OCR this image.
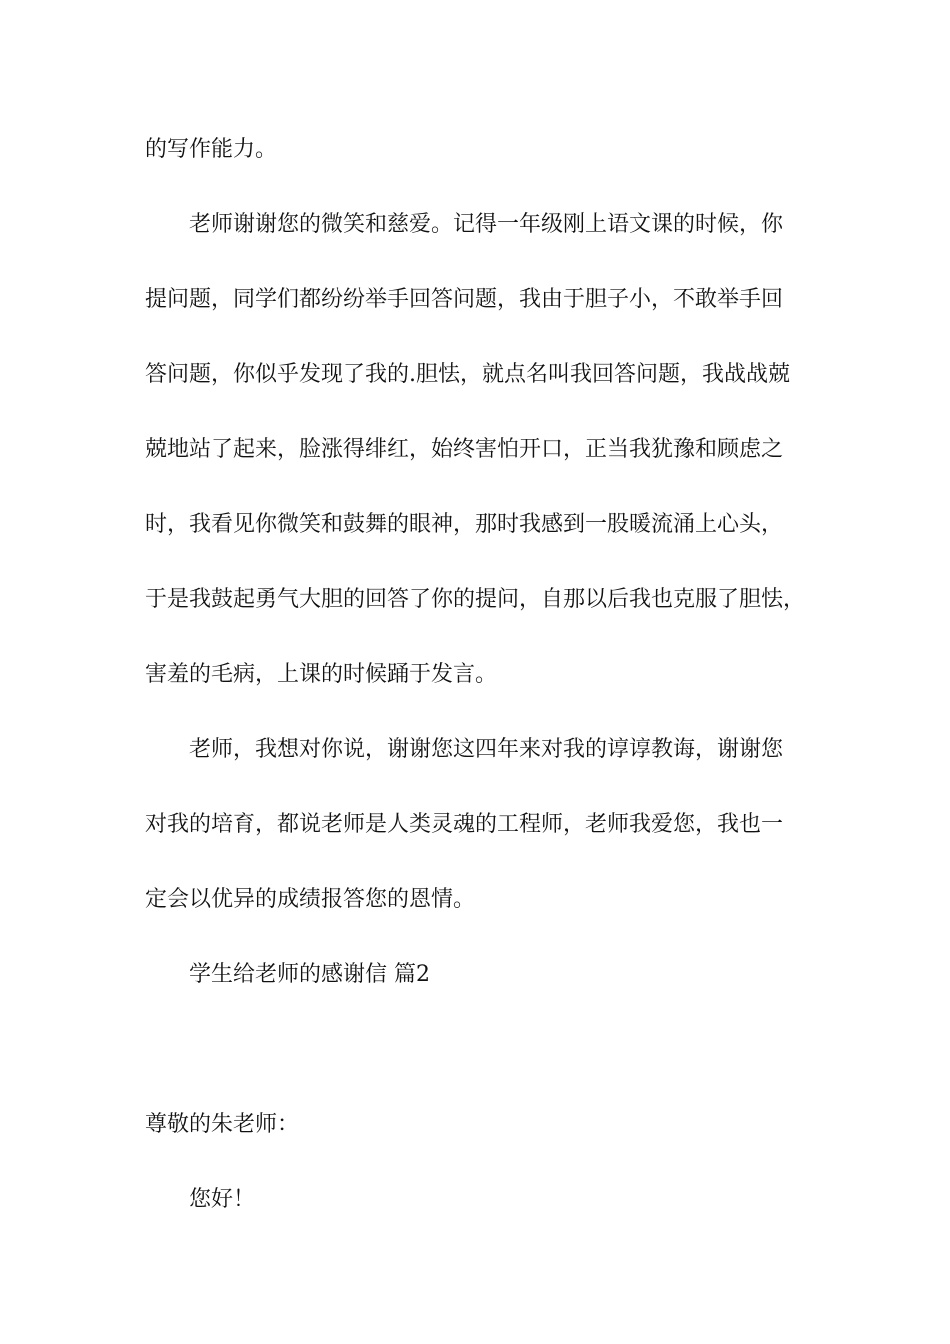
的写作能力。
老师谢谢您的微笑和慈爱。记得一年级刚上语文课的时候，你
提问题，同学们都纷纷举手回答问题，我由于胆子小，不敢举手回
答问题，你似乎发现了我的.胆怯，就点名叫我回答问题，我战战兢
兢地站了起来，脸涨得绯红，始终害怕开口，正当我犹豫和顾虑之
时，我看见你微笑和鼓舞的眼神，那时我感到一股暖流涌上心头，
于是我鼓起勇气大胆的回答了你的提问，自那以后我也克服了胆怯，
害羞的毛病，上课的时候踊于发言。
老师，我想对你说，谢谢您这四年来对我的谆谆教诲，谢谢您
对我的培育，都说老师是人类灵魂的工程师，老师我爱您，我也一
定会以优异的成绩报答您的恩情。
学生给老师的感谢信 篇2
尊敬的朱老师：
您好！
